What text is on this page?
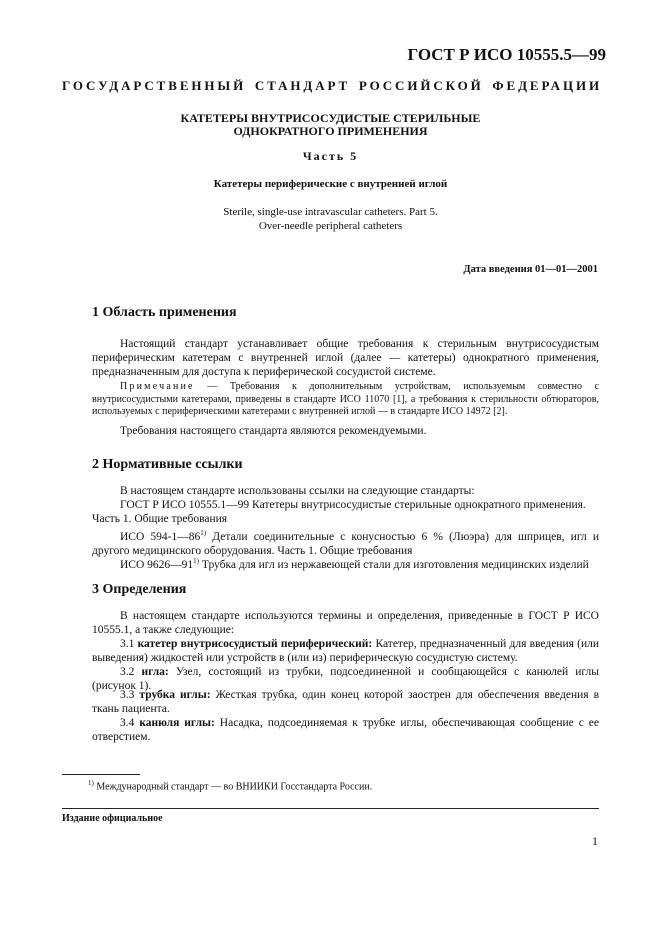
ГОСТ Р ИСО 10555.5—99
ГОСУДАРСТВЕННЫЙ СТАНДАРТ РОССИЙСКОЙ ФЕДЕРАЦИИ
КАТЕТЕРЫ ВНУТРИСОСУДИСТЫЕ СТЕРИЛЬНЫЕ
ОДНОКРАТНОГО ПРИМЕНЕНИЯ
Часть 5
Катетеры периферические с внутренней иглой
Sterile, single-use intravascular catheters. Part 5.
Over-needle peripheral catheters
Дата введения 01—01—2001
1 Область применения
Настоящий стандарт устанавливает общие требования к стерильным внутрисосудистым периферическим катетерам с внутренней иглой (далее — катетеры) однократного применения, предназначенным для доступа к периферической сосудистой системе.
Примечание — Требования к дополнительным устройствам, используемым совместно с внутрисосудистыми катетерами, приведены в стандарте ИСО 11070 [1], а требования к стерильности обтюраторов, используемых с периферическими катетерами с внутренней иглой — в стандарте ИСО 14972 [2].
Требования настоящего стандарта являются рекомендуемыми.
2 Нормативные ссылки
В настоящем стандарте использованы ссылки на следующие стандарты:
ГОСТ Р ИСО 10555.1—99 Катетеры внутрисосудистые стерильные однократного применения.
Часть 1. Общие требования
ИСО 594-1—86$^{1)}$ Детали соединительные с конусностью 6 % (Люэра) для шприцев, игл и другого медицинского оборудования. Часть 1. Общие требования
ИСО 9626—91$^{1)}$ Трубка для игл из нержавеющей стали для изготовления медицинских изделий
3 Определения
В настоящем стандарте используются термины и определения, приведенные в ГОСТ Р ИСО 10555.1, а также следующие:
3.1 катетер внутрисосудистый периферический: Катетер, предназначенный для введения (или выведения) жидкостей или устройств в (или из) периферическую сосудистую систему.
3.2 игла: Узел, состоящий из трубки, подсоединенной и сообщающейся с канюлей иглы (рисунок 1).
3.3 трубка иглы: Жесткая трубка, один конец которой заострен для обеспечения введения в ткань пациента.
3.4 канюля иглы: Насадка, подсоединяемая к трубке иглы, обеспечивающая сообщение с ее отверстием.
$^{1)}$ Международный стандарт — во ВНИИКИ Госстандарта России.
Издание официальное
1
